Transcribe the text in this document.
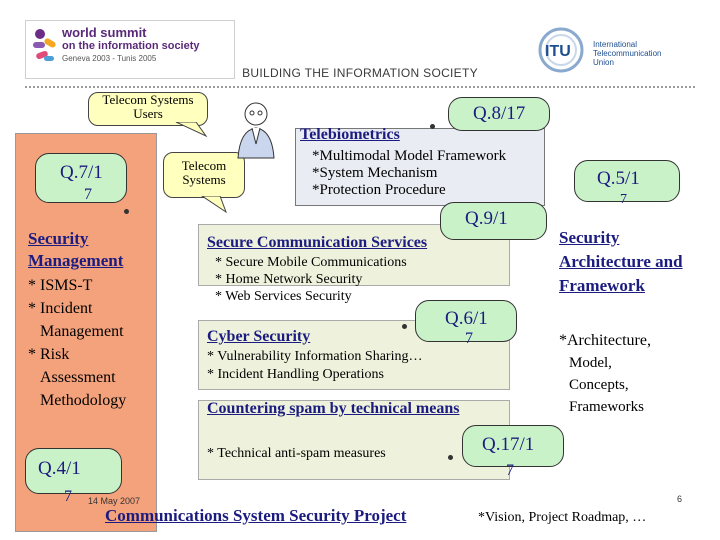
world summit
on the information society
Geneva 2003 - Tunis 2005	ITU	International
Telecommunication
Union
BUILDING THE INFORMATION SOCIETY
Security Management
* ISMS-T
* Incident
Management
* Risk
Assessment
Methodology
Q.7/1
7
Q.4/1
7
Telecom Systems Users
Telecom Systems
Telebiometrics
*Multimodal Model Framework
*System Mechanism
*Protection Procedure
Q.8/17
Secure Communication Services
* Secure Mobile Communications
* Home Network Security
* Web Services Security
Q.9/1
Cyber Security
* Vulnerability Information Sharing…
* Incident Handling Operations
Q.6/1
7
Countering spam by technical means
* Technical anti-spam measures	Q.17/1
7
Q.5/1
7
Security Architecture and Framework
*Architecture,
Model,
Concepts,
Frameworks
14 May 2007
Communications System Security Project	*Vision, Project Roadmap, …
6
